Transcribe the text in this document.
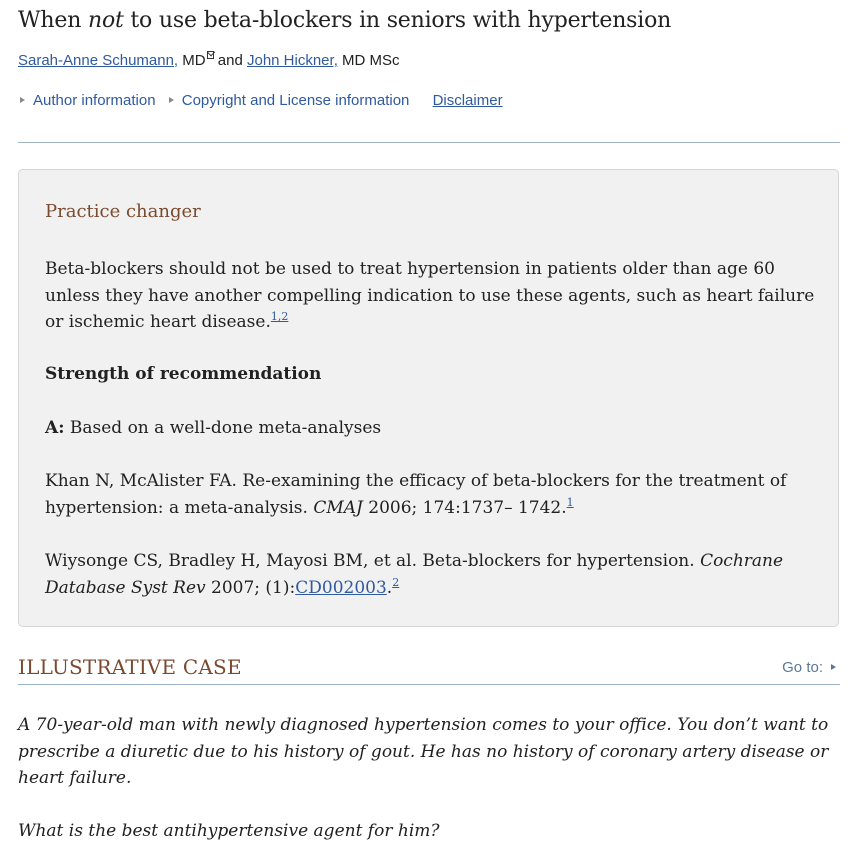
When not to use beta-blockers in seniors with hypertension
Sarah-Anne Schumann, MD and John Hickner, MD MSc
Author information Copyright and License information Disclaimer
Practice changer
Beta-blockers should not be used to treat hypertension in patients older than age 60 unless they have another compelling indication to use these agents, such as heart failure or ischemic heart disease.$^{1,2}$
Strength of recommendation
A: Based on a well-done meta-analyses
Khan N, McAlister FA. Re-examining the efficacy of beta-blockers for the treatment of hypertension: a meta-analysis. CMAJ 2006; 174:1737– 1742.$^1$
Wiysonge CS, Bradley H, Mayosi BM, et al. Beta-blockers for hypertension. Cochrane Database Syst Rev 2007; (1):CD002003.$^2$
ILLUSTRATIVE CASE	Go to:
A 70-year-old man with newly diagnosed hypertension comes to your office. You don’t want to prescribe a diuretic due to his history of gout. He has no history of coronary artery disease or heart failure.
What is the best antihypertensive agent for him?
